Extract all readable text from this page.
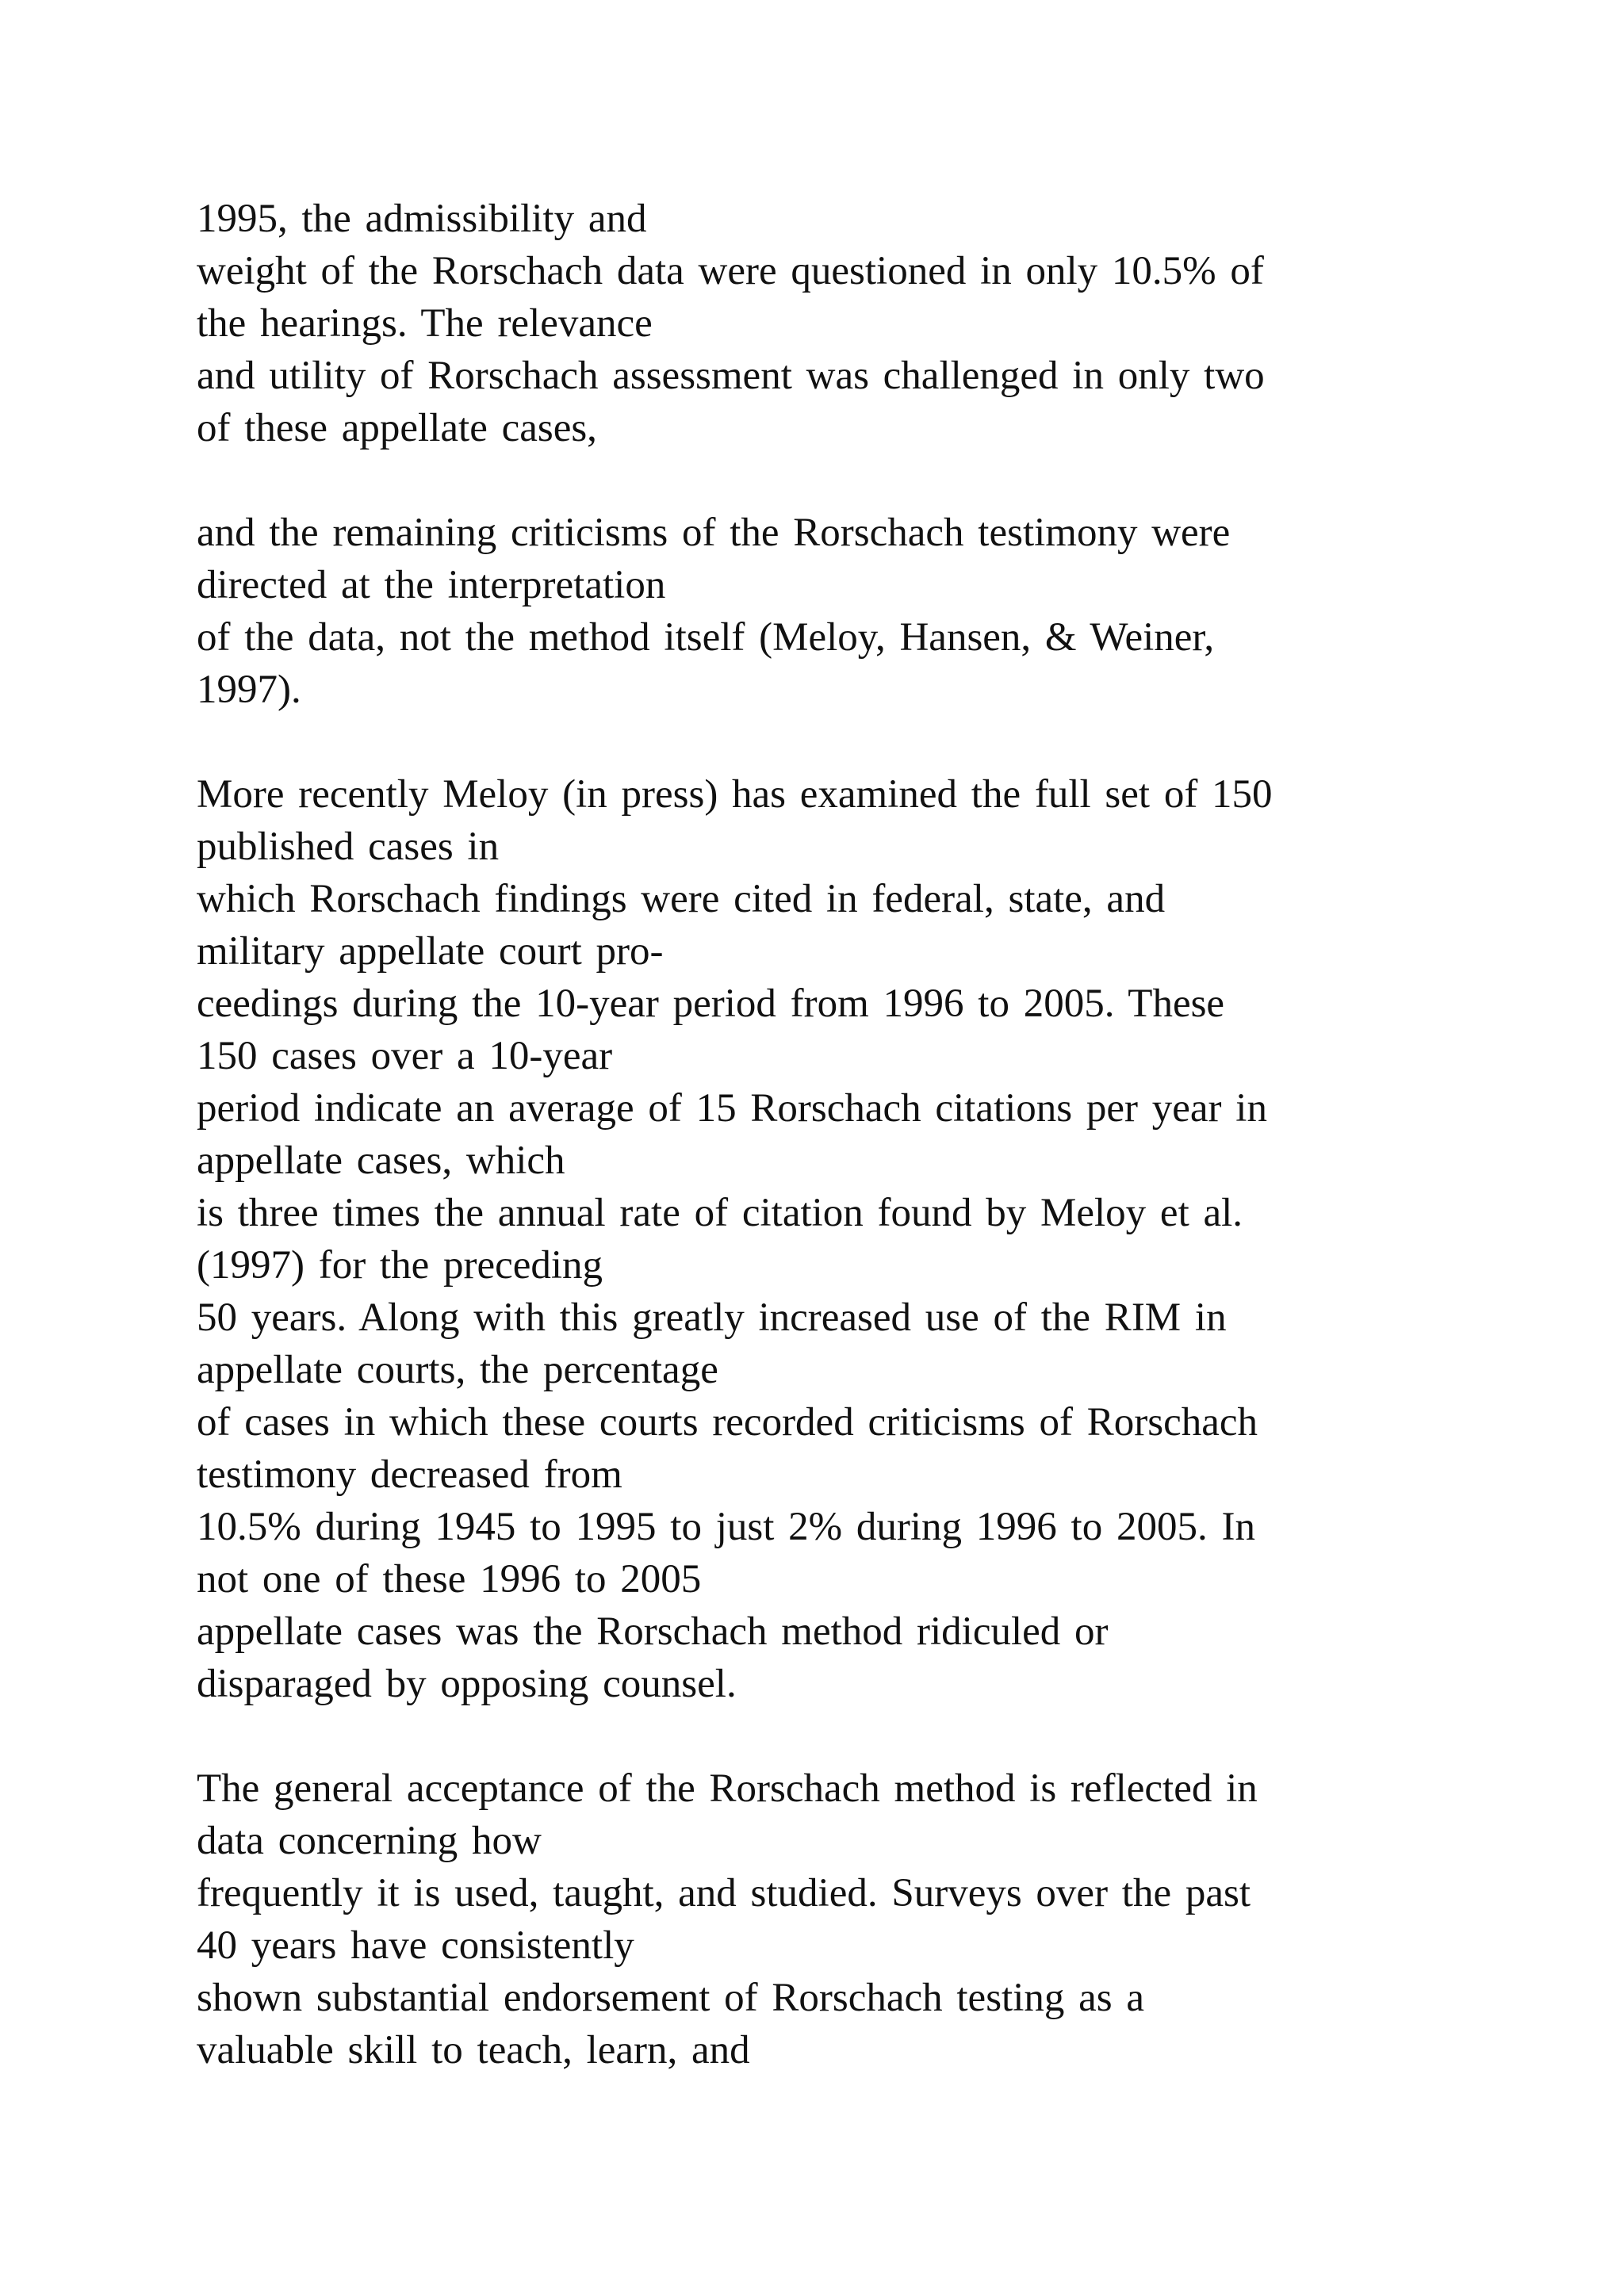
1995, the admissibility and
weight of the Rorschach data were questioned in only 10.5% of
the hearings. The relevance
and utility of Rorschach assessment was challenged in only two
of these appellate cases,

and the remaining criticisms of the Rorschach testimony were
directed at the interpretation
of the data, not the method itself (Meloy, Hansen, & Weiner,
1997).

More recently Meloy (in press) has examined the full set of 150
published cases in
which Rorschach findings were cited in federal, state, and
military appellate court pro-
ceedings during the 10-year period from 1996 to 2005. These
150 cases over a 10-year
period indicate an average of 15 Rorschach citations per year in
appellate cases, which
is three times the annual rate of citation found by Meloy et al.
(1997) for the preceding
50 years. Along with this greatly increased use of the RIM in
appellate courts, the percentage
of cases in which these courts recorded criticisms of Rorschach
testimony decreased from
10.5% during 1945 to 1995 to just 2% during 1996 to 2005. In
not one of these 1996 to 2005
appellate cases was the Rorschach method ridiculed or
disparaged by opposing counsel.

The general acceptance of the Rorschach method is reflected in
data concerning how
frequently it is used, taught, and studied. Surveys over the past
40 years have consistently
shown substantial endorsement of Rorschach testing as a
valuable skill to teach, learn, and
